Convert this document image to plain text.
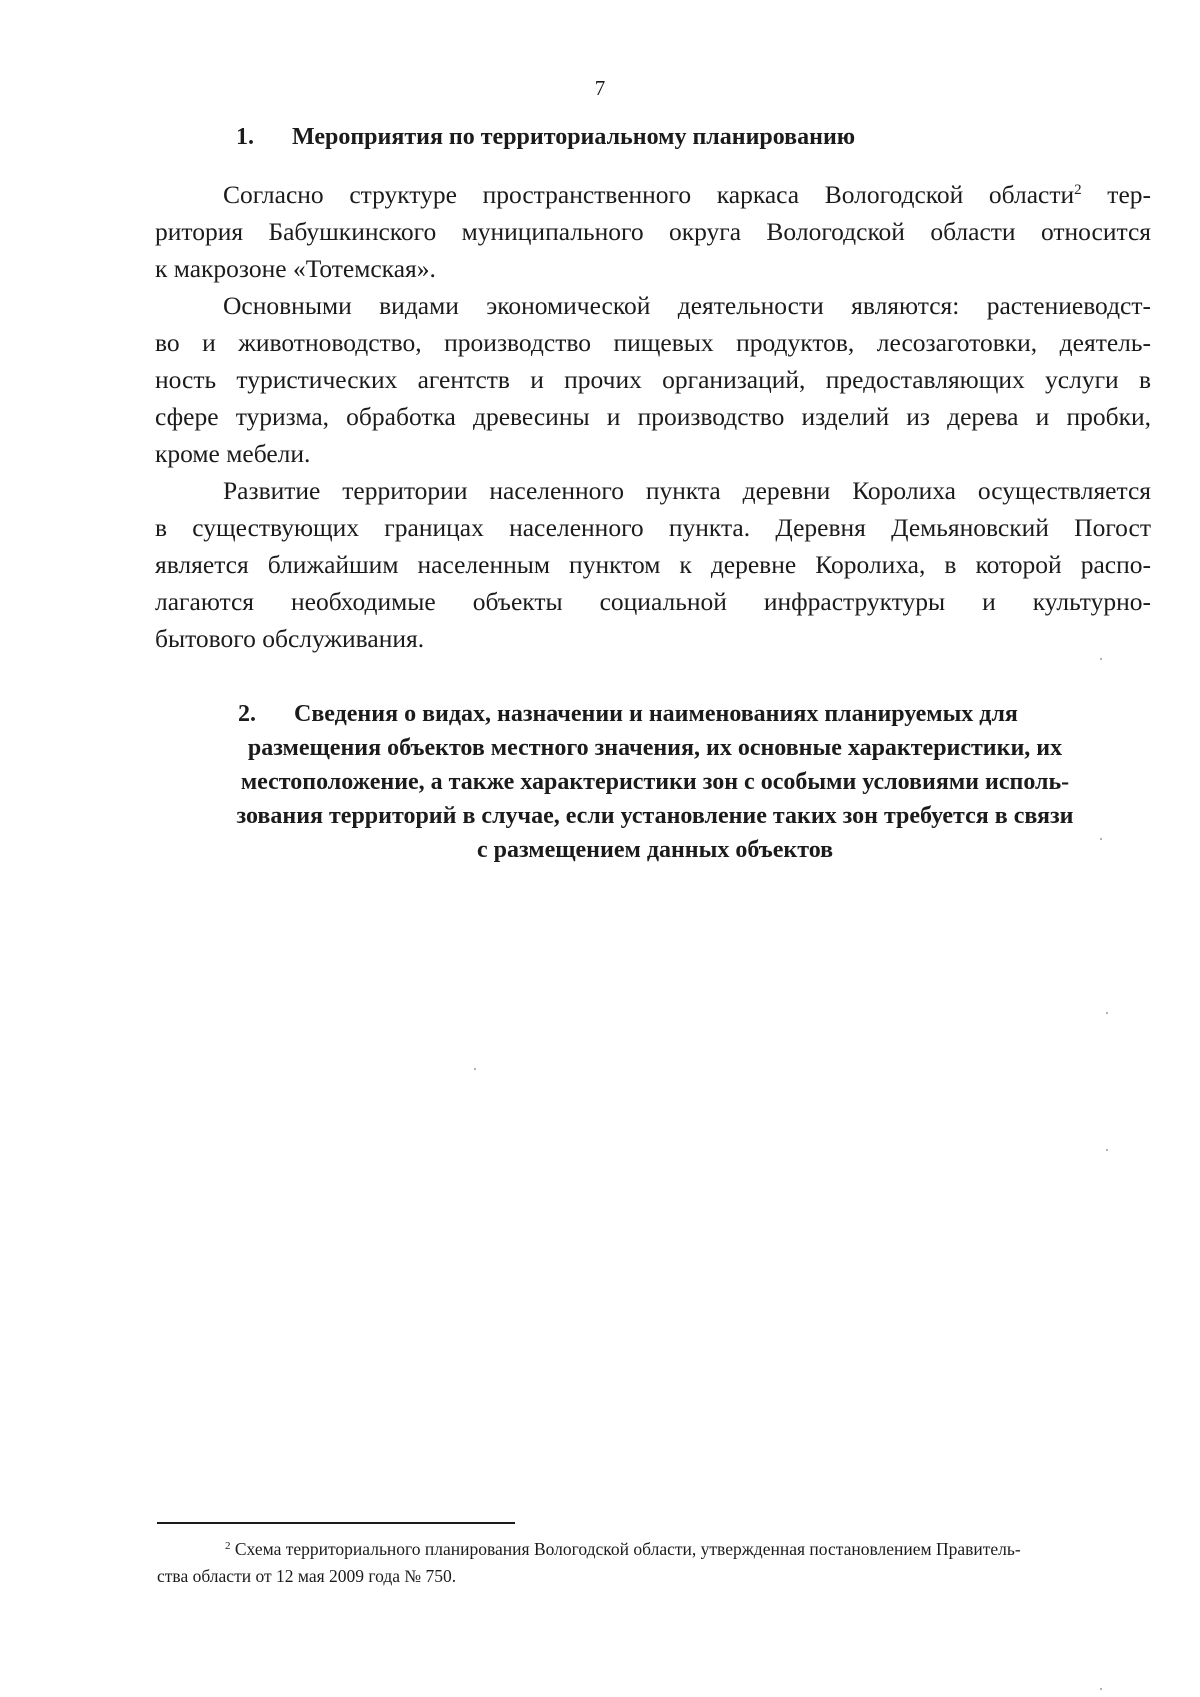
7
1. Мероприятия по территориальному планированию
Согласно структуре пространственного каркаса Вологодской области$^2$ тер-
ритория Бабушкинского муниципального округа Вологодской области относится
к макрозоне «Тотемская».
Основными видами экономической деятельности являются: растениеводст-
во и животноводство, производство пищевых продуктов, лесозаготовки, деятель-
ность туристических агентств и прочих организаций, предоставляющих услуги в
сфере туризма, обработка древесины и производство изделий из дерева и пробки,
кроме мебели.
Развитие территории населенного пункта деревни Королиха осуществляется
в существующих границах населенного пункта. Деревня Демьяновский Погост
является ближайшим населенным пунктом к деревне Королиха, в которой распо-
лагаются необходимые объекты социальной инфраструктуры и культурно-
бытового обслуживания.
2. Сведения о видах, назначении и наименованиях планируемых для
размещения объектов местного значения, их основные характеристики, их
местоположение, а также характеристики зон с особыми условиями исполь-
зования территорий в случае, если установление таких зон требуется в связи
с размещением данных объектов
$^2$ Схема территориального планирования Вологодской области, утвержденная постановлением Правитель-
ства области от 12 мая 2009 года № 750.
